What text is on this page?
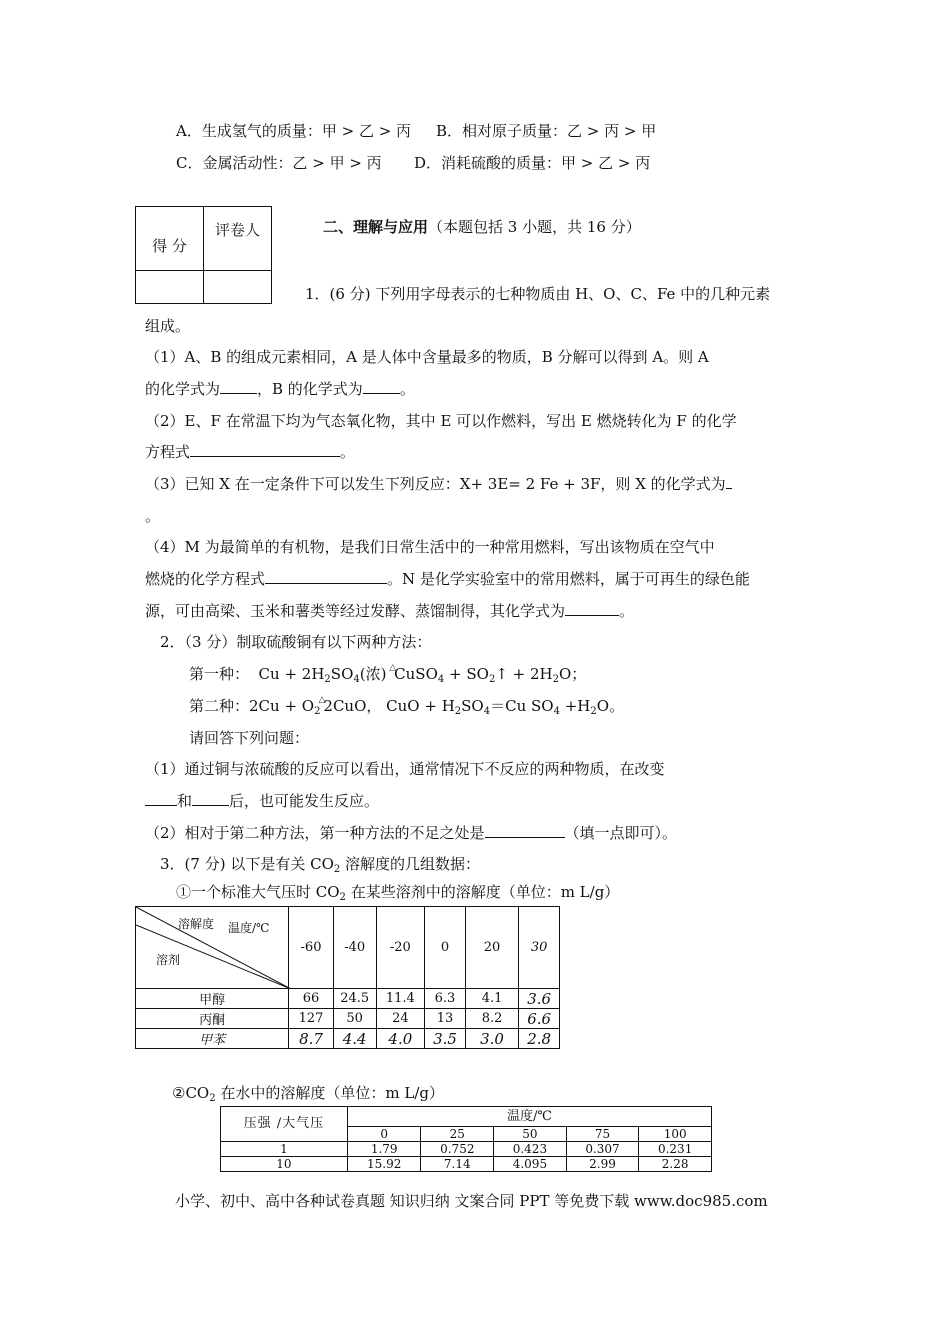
A．生成氢气的质量：甲 > 乙 > 丙 B．相对原子质量：乙 > 丙 > 甲
C．金属活动性：乙 > 甲 > 丙 D．消耗硫酸的质量：甲 > 乙 > 丙
得 分	评卷人
		二、理解与应用（本题包括 3 小题，共 16 分）
1．(6 分) 下列用字母表示的七种物质由 H、O、C、Fe 中的几种元素
组成。
（1）A、B 的组成元素相同，A 是人体中含量最多的物质，B 分解可以得到 A。则 A
的化学式为 ，B 的化学式为 。
（2）E、F 在常温下均为气态氧化物，其中 E 可以作燃料，写出 E 燃烧转化为 F 的化学
方程式	。
（3）已知 X 在一定条件下可以发生下列反应：X+ 3E= 2 Fe + 3F，则 X 的化学式为
。
（4）M 为最简单的有机物，是我们日常生活中的一种常用燃料，写出该物质在空气中
燃烧的化学方程式	。N 是化学实验室中的常用燃料，属于可再生的绿色能
源，可由高梁、玉米和薯类等经过发酵、蒸馏制得，其化学式为	。
2．（3 分）制取硫酸铜有以下两种方法：
第一种：  $Cu + 2H_2SO_4$(浓) △CuSO$_4$ + $SO_2↑ + 2H_2O$；
第二种：$2Cu + O_2\triangle 2CuO$， CuO + $H_2SO_4=Cu$ $SO_4 +H_2O$。
请回答下列问题：
（1）通过铜与浓硫酸的反应可以看出，通常情况下不反应的两种物质，在改变
和 后，也可能发生反应。
（2）相对于第二种方法，第一种方法的不足之处是	（填一点即可）。
3．(7 分) 以下是有关 $CO_2$ 溶解度的几组数据：
①一个标准大气压时 $CO_2$ 在某些溶剂中的溶解度（单位：m L/g）
溶解度 温度/℃
溶剂	-60	-40	-20	0	20	30
甲醇	66	24.5	11.4	6.3	4.1	3.6
丙酮	127	50	24	13	8.2	6.6
甲苯	8.7	4.4	4.0	3.5	3.0	2.8
$②CO_2$ 在水中的溶解度（单位：m L/g）
压强 /大气压	温度/℃				
	0	25	50	75	100
1	1.79	0.752	0.423	0.307	0.231
10	15.92	7.14	4.095	2.99	2.28
小学、初中、高中各种试卷真题 知识归纳 文案合同 PPT 等免费下载 www.doc985.com
